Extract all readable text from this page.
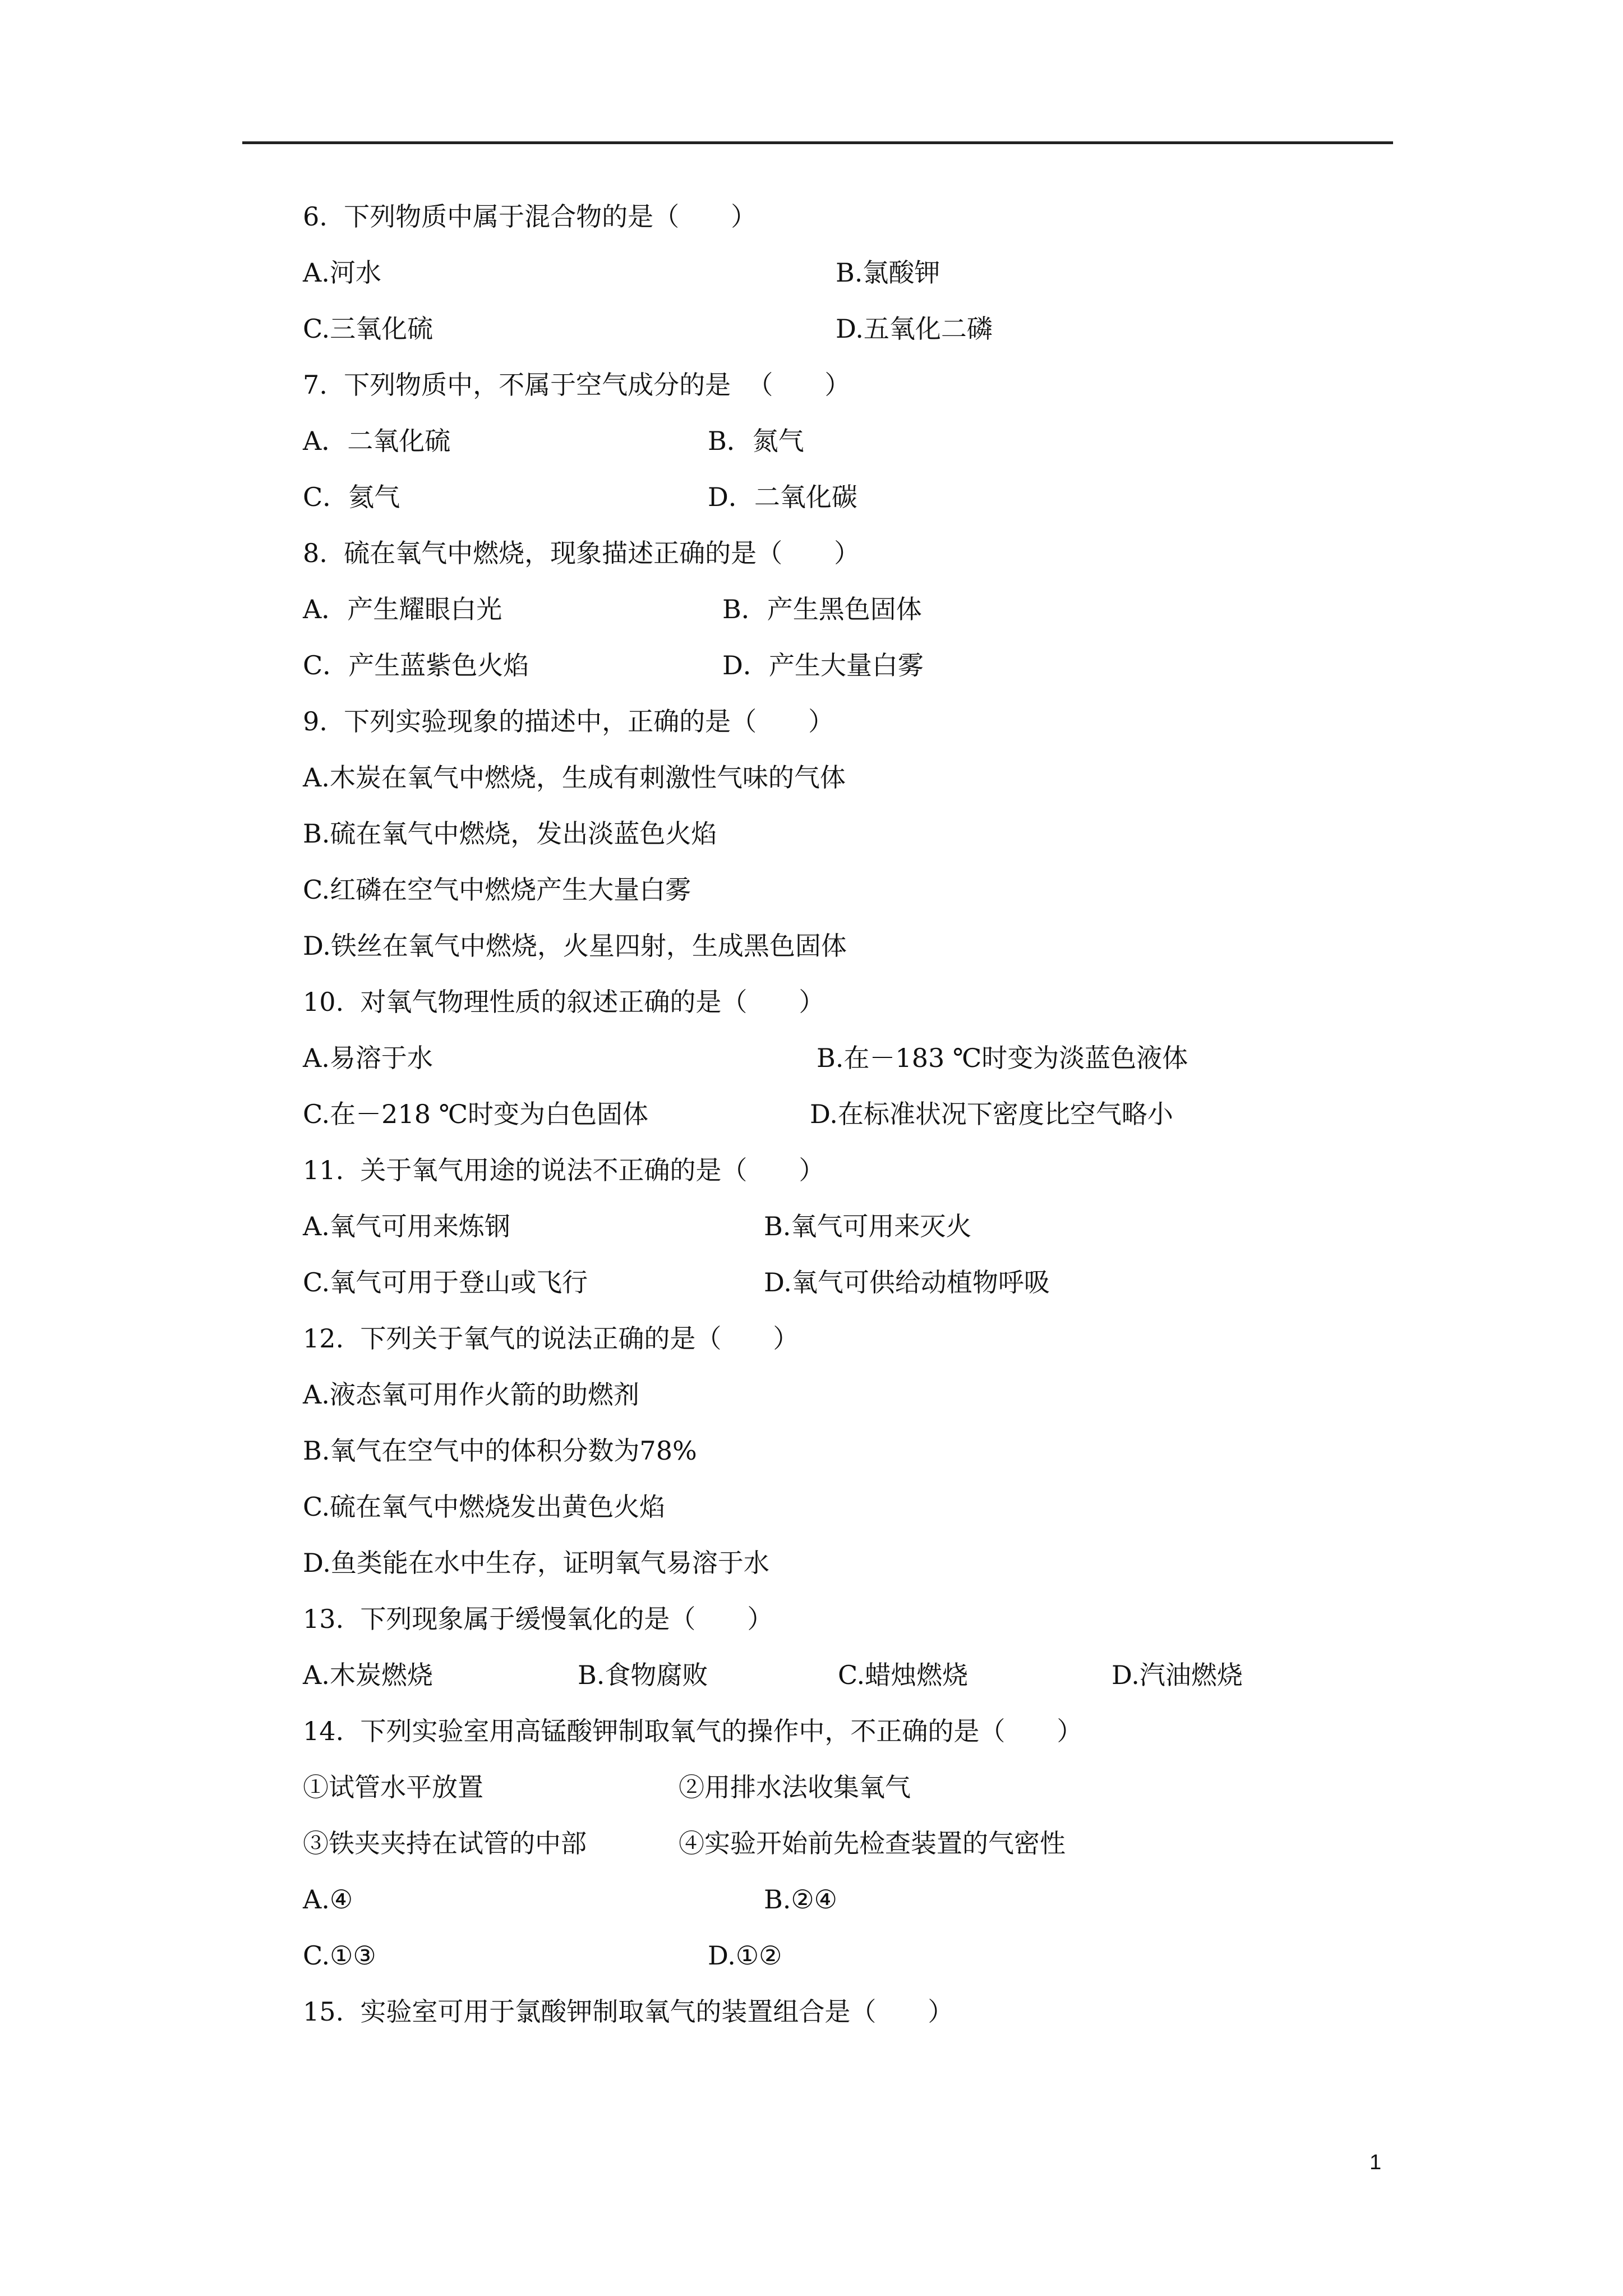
6.  下列物质中属于混合物的是（　　）
A.河水	B.氯酸钾
C.三氧化硫	D.五氧化二磷
7.  下列物质中，不属于空气成分的是  （　　）
A．二氧化硫	B．氮气
C．氦气	D．二氧化碳
8.  硫在氧气中燃烧，现象描述正确的是（　　）
A．产生耀眼白光	B．产生黑色固体
C．产生蓝紫色火焰	D．产生大量白雾
9.  下列实验现象的描述中，正确的是（　　）
A.木炭在氧气中燃烧，生成有刺激性气味的气体
B.硫在氧气中燃烧，发出淡蓝色火焰
C.红磷在空气中燃烧产生大量白雾
D.铁丝在氧气中燃烧，火星四射，生成黑色固体
10.  对氧气物理性质的叙述正确的是（　　）
A.易溶于水	B.在－183 ℃时变为淡蓝色液体
C.在－218 ℃时变为白色固体	D.在标准状况下密度比空气略小
11.  关于氧气用途的说法不正确的是（　　）
A.氧气可用来炼钢	B.氧气可用来灭火
C.氧气可用于登山或飞行	D.氧气可供给动植物呼吸
12.  下列关于氧气的说法正确的是（　　）
A.液态氧可用作火箭的助燃剂
B.氧气在空气中的体积分数为78%
C.硫在氧气中燃烧发出黄色火焰
D.鱼类能在水中生存，证明氧气易溶于水
13.  下列现象属于缓慢氧化的是（　　）
A.木炭燃烧	B.食物腐败	C.蜡烛燃烧	D.汽油燃烧
14.  下列实验室用高锰酸钾制取氧气的操作中，不正确的是（　　）
①试管水平放置	②用排水法收集氧气
③铁夹夹持在试管的中部	④实验开始前先检查装置的气密性
A.④	B.②④
C.①③	D.①②
15.  实验室可用于氯酸钾制取氧气的装置组合是（　　）
1
